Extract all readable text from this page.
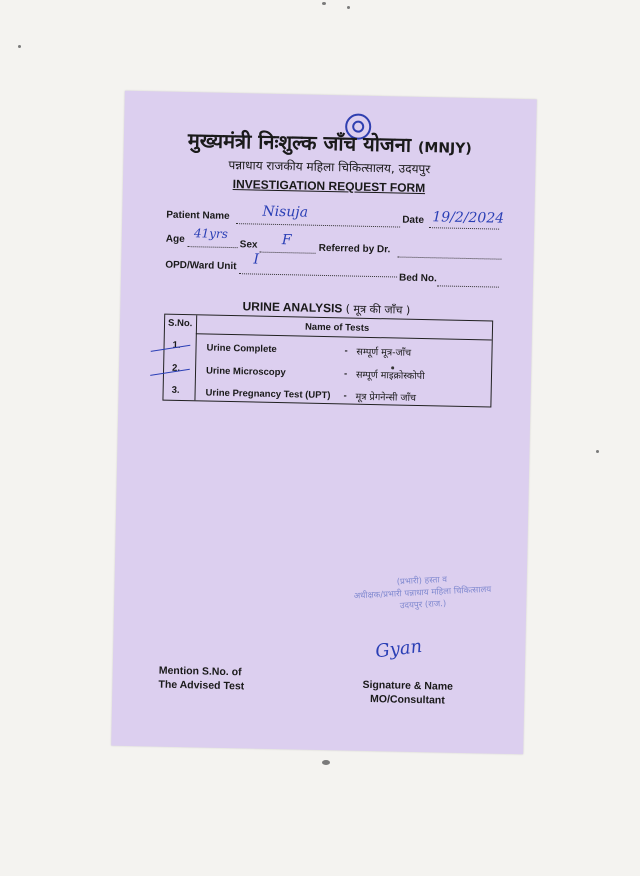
मुख्यमंत्री निःशुल्क जाँच योजना (MNJY)
पन्नाधाय राजकीय महिला चिकित्सालय, उदयपुर
INVESTIGATION REQUEST FORM
Patient Name Nisuja	Date 19/2/2024
Age 41yrs
Sex F
Referred by Dr.
OPD/Ward Unit I
Bed No.
URINE ANALYSIS ( मूत्र की जाँच )
S.No.	Name of Tests
1.	Urine Complete	- सम्पूर्ण मूत्र-जाँच
2.	Urine Microscopy	- सम्पूर्ण माइक्रोस्कोपी
3.	Urine Pregnancy Test (UPT) - मूत्र प्रेगनेन्सी जाँच
(प्रभारी) हस्ता व
अधीक्षक/प्रभारी पन्नाधाय महिला चिकित्सालय
उदयपुर (राज.)
Gyan
Mention S.No. of
The Advised Test	Signature & Name
MO/Consultant
